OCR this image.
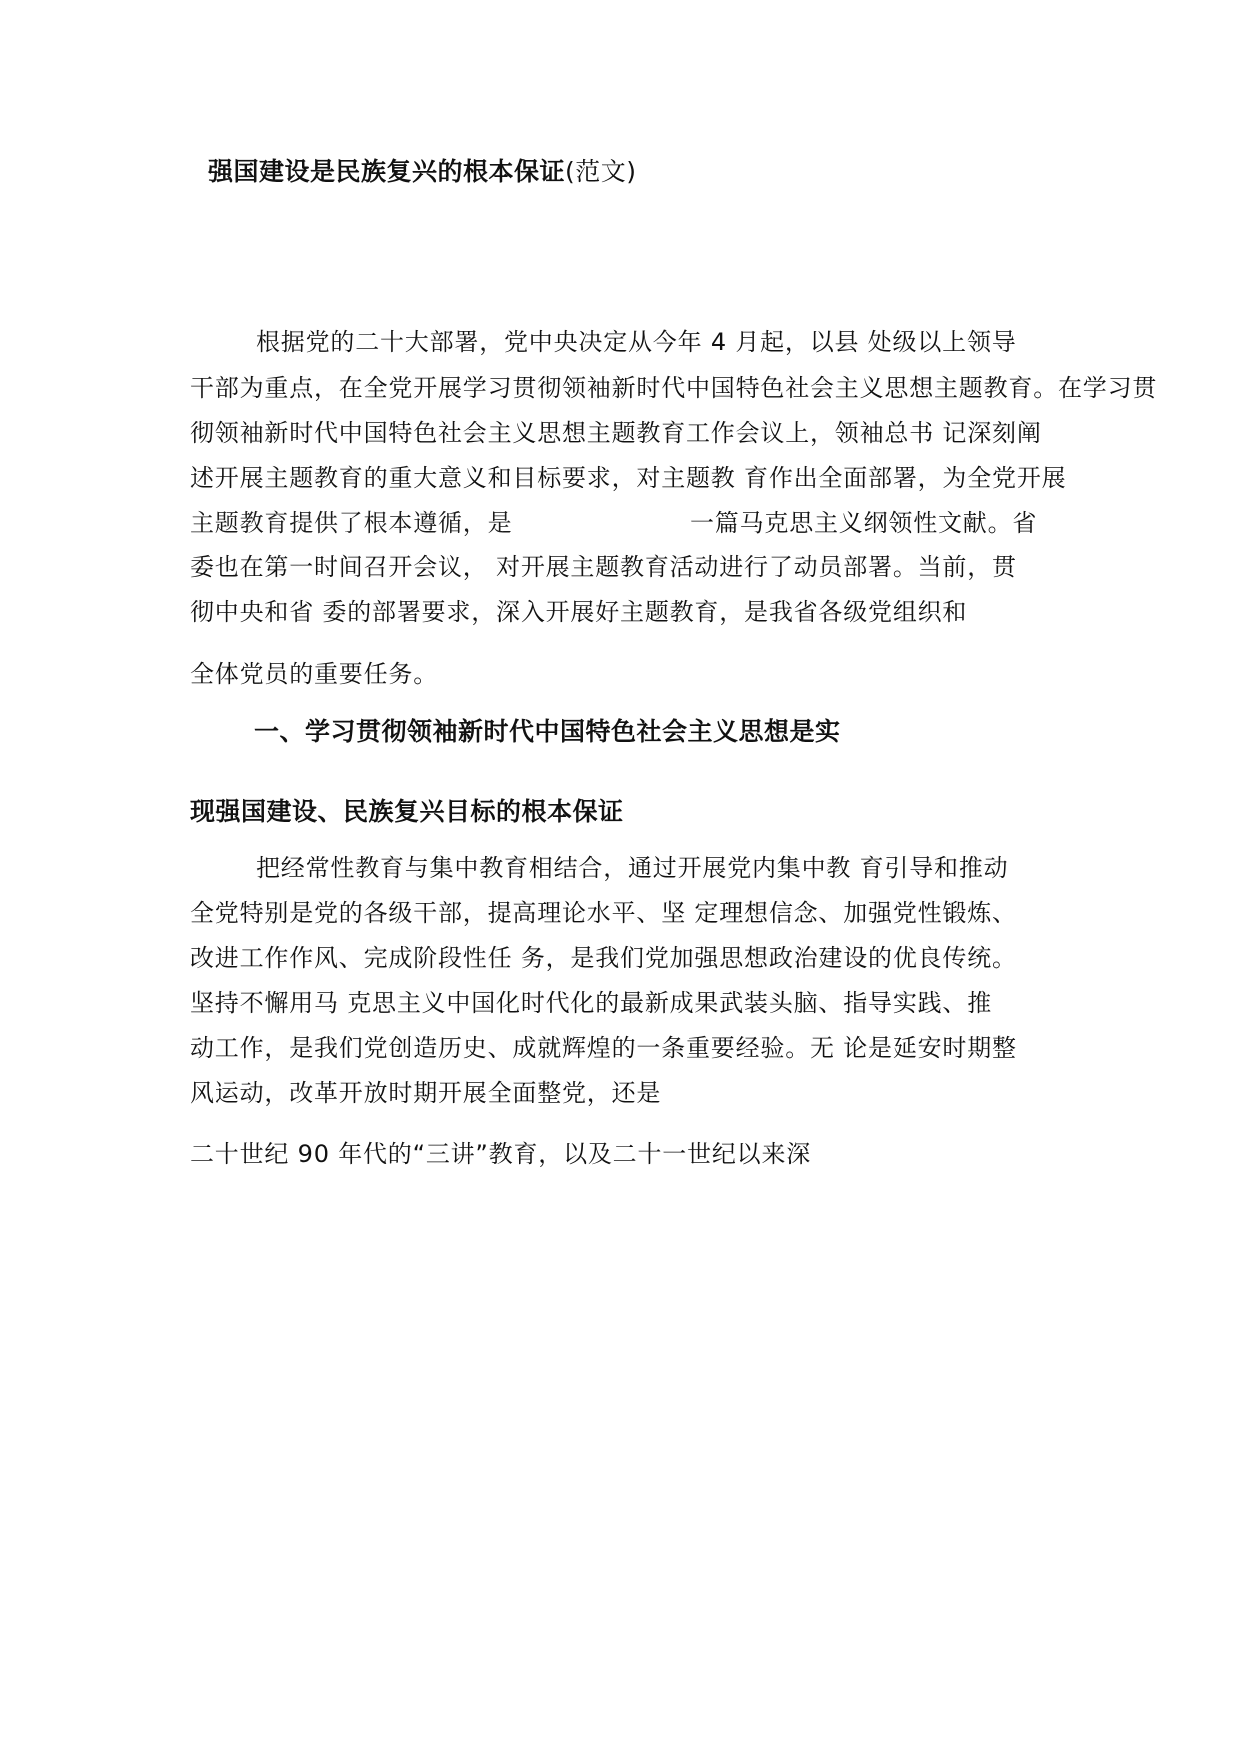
强国建设是民族复兴的根本保证(范文)
根据党的二十大部署，党中央决定从今年 4 月起，以县 处级以上领导
干部为重点，在全党开展学习贯彻领袖新时代中国特色社会主义思想主题教育。在学习贯
彻领袖新时代中国特色社会主义思想主题教育工作会议上，领袖总书 记深刻阐
述开展主题教育的重大意义和目标要求，对主题教 育作出全面部署，为全党开展
主题教育提供了根本遵循，是	一篇马克思主义纲领性文献。省
委也在第一时间召开会议， 对开展主题教育活动进行了动员部署。当前，贯
彻中央和省 委的部署要求，深入开展好主题教育，是我省各级党组织和
全体党员的重要任务。
一、学习贯彻领袖新时代中国特色社会主义思想是实
现强国建设、民族复兴目标的根本保证
把经常性教育与集中教育相结合，通过开展党内集中教 育引导和推动
全党特别是党的各级干部，提高理论水平、坚 定理想信念、加强党性锻炼、
改进工作作风、完成阶段性任 务，是我们党加强思想政治建设的优良传统。
坚持不懈用马 克思主义中国化时代化的最新成果武装头脑、指导实践、推
动工作，是我们党创造历史、成就辉煌的一条重要经验。无 论是延安时期整
风运动，改革开放时期开展全面整党，还是
二十世纪 90 年代的“三讲”教育，以及二十一世纪以来深
